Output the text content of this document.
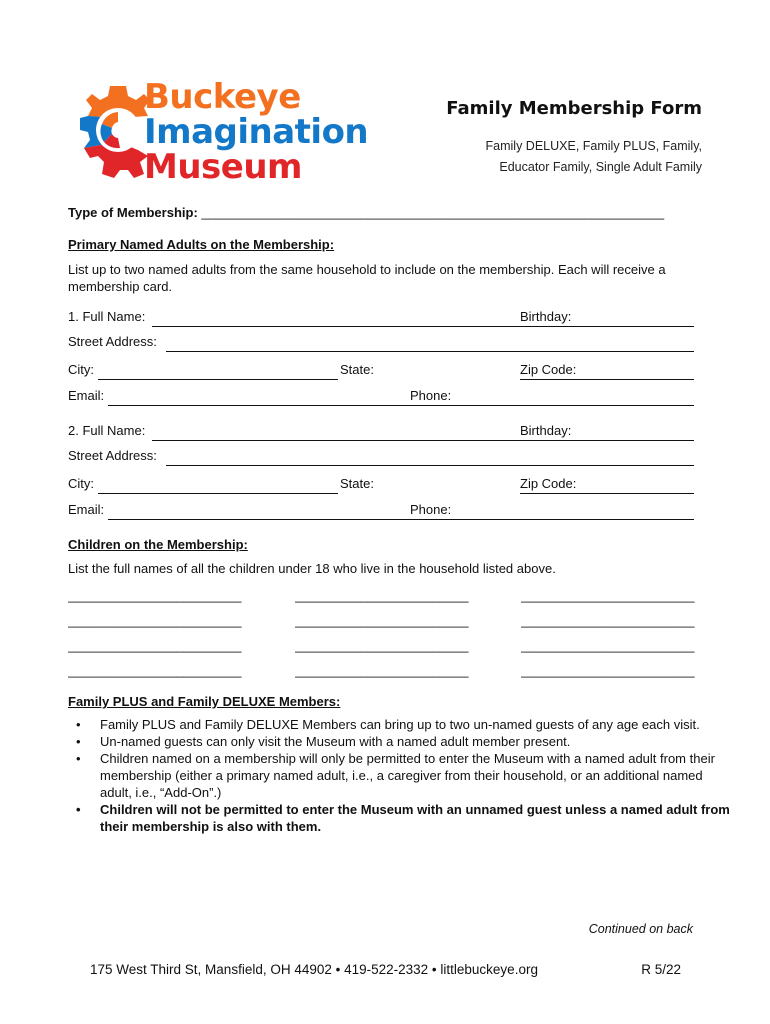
Buckeye
Imagination
Museum
Family Membership Form
Family DELUXE, Family PLUS, Family,
Educator Family, Single Adult Family
Type of Membership: ________________________________________________________________
Primary Named Adults on the Membership:
List up to two named adults from the same household to include on the membership. Each will receive a membership card.
1. Full Name:	Birthday:
Street Address:
City:	State:	Zip Code:
Email:	Phone:
2. Full Name:	Birthday:
Street Address:
City:	State:	Zip Code:
Email:	Phone:
Children on the Membership:
List the full names of all the children under 18 who live in the household listed above.
________________________	________________________	________________________
________________________	________________________	________________________
________________________	________________________	________________________
________________________	________________________	________________________
Family PLUS and Family DELUXE Members:
• Family PLUS and Family DELUXE Members can bring up to two un-named guests of any age each visit.
• Un-named guests can only visit the Museum with a named adult member present.
• Children named on a membership will only be permitted to enter the Museum with a named adult from their membership (either a primary named adult, i.e., a caregiver from their household, or an additional named adult, i.e., “Add-On”.)
• Children will not be permitted to enter the Museum with an unnamed guest unless a named adult from their membership is also with them.
Continued on back
175 West Third St, Mansfield, OH 44902 • 419-522-2332 • littlebuckeye.org	R 5/22
